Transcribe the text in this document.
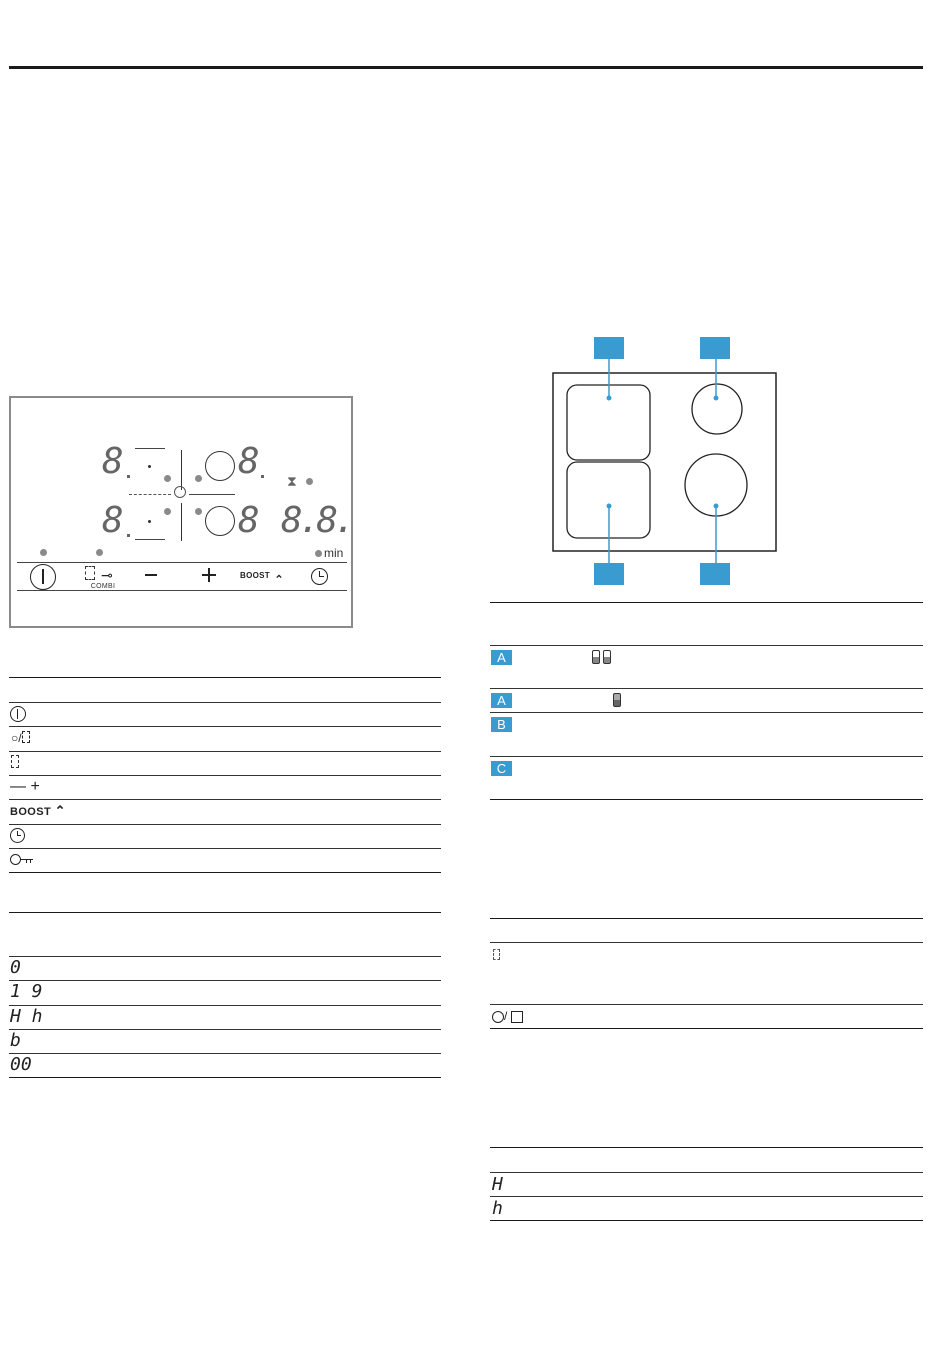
8	8 ⧗
8	8 8.8.
min
⊸
COMBI
$^{BOOST}$ ⌃
○/
— +
BOOST ⌃
0
1 9
H h
b
00
A
A
B
C
/
H
h
